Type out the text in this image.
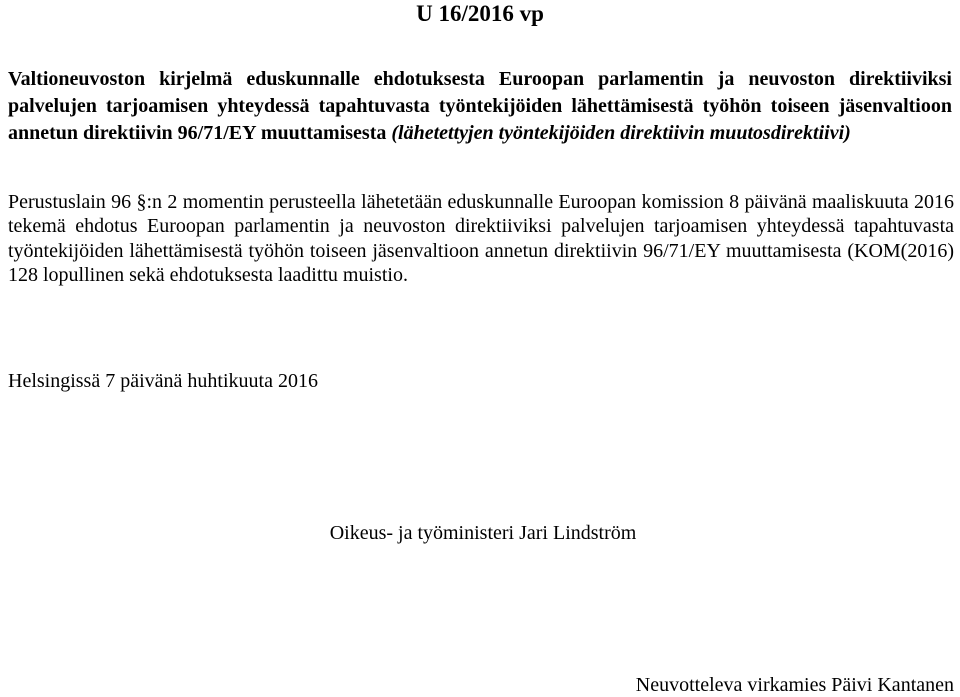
U 16/2016 vp
Valtioneuvoston kirjelmä eduskunnalle ehdotuksesta Euroopan parlamentin ja neuvoston direktiiviksi palvelujen tarjoamisen yhteydessä tapahtuvasta työntekijöiden lähettämisestä työhön toiseen jäsenvaltioon annetun direktiivin 96/71/EY muuttamisesta (lähetettyjen työntekijöiden direktiivin muutosdirektiivi)
Perustuslain 96 §:n 2 momentin perusteella lähetetään eduskunnalle Euroopan komission 8 päivänä maaliskuuta 2016 tekemä ehdotus Euroopan parlamentin ja neuvoston direktiiviksi palvelujen tarjoamisen yhteydessä tapahtuvasta työntekijöiden lähettämisestä työhön toiseen jäsenvaltioon annetun direktiivin 96/71/EY muuttamisesta (KOM(2016) 128 lopullinen sekä ehdotuksesta laadittu muistio.
Helsingissä 7 päivänä huhtikuuta 2016
Oikeus- ja työministeri Jari Lindström
Neuvotteleva virkamies Päivi Kantanen
